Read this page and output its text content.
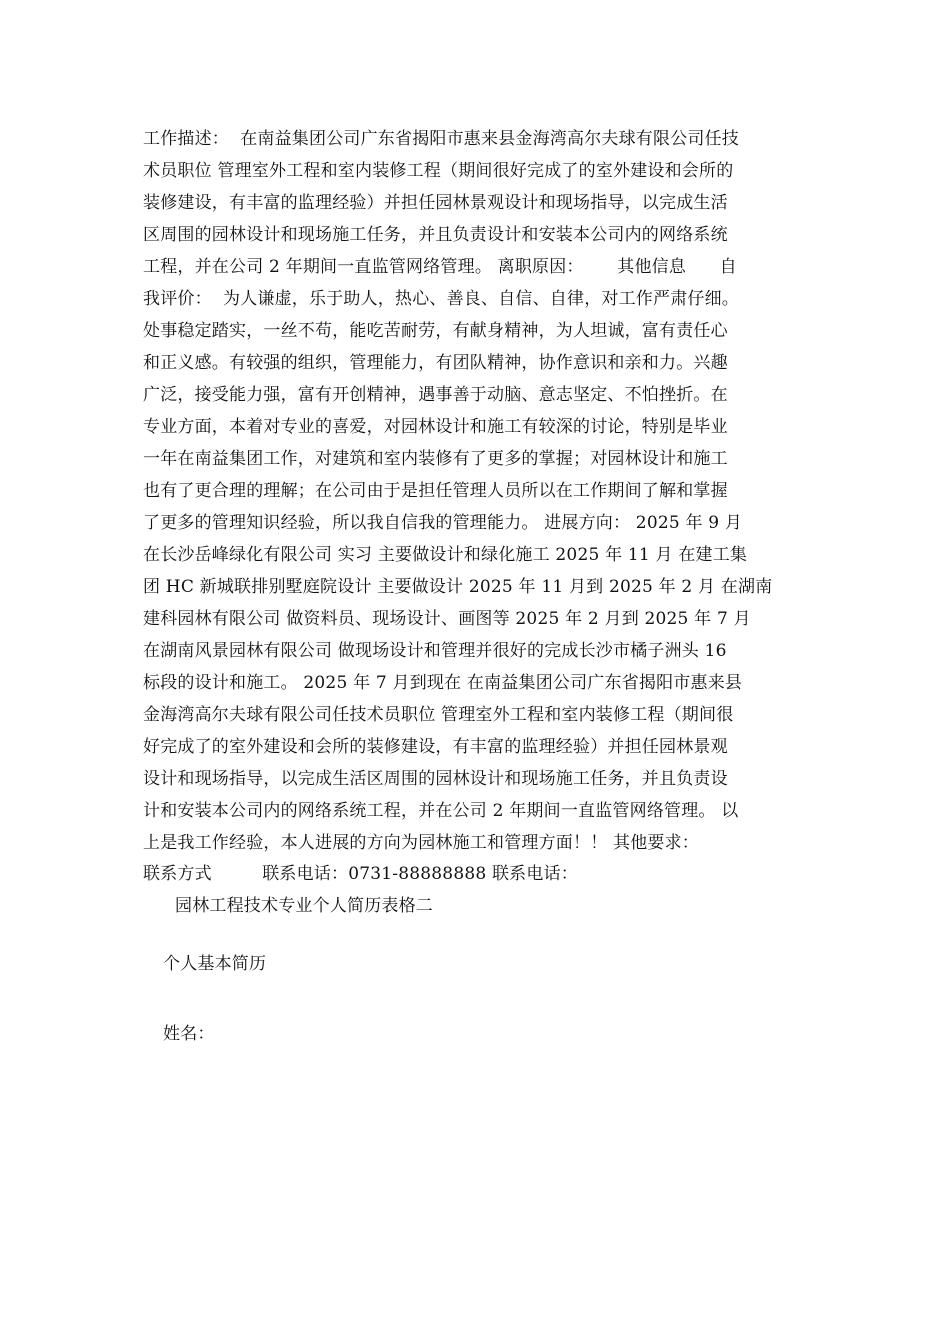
工作描述：  在南益集团公司广东省揭阳市惠来县金海湾高尔夫球有限公司任技
术员职位 管理室外工程和室内装修工程（期间很好完成了的室外建设和会所的
装修建设，有丰富的监理经验）并担任园林景观设计和现场指导，以完成生活
区周围的园林设计和现场施工任务，并且负责设计和安装本公司内的网络系统
工程，并在公司 2 年期间一直监管网络管理。 离职原因：      其他信息      自
我评价：  为人谦虚，乐于助人，热心、善良、自信、自律，对工作严肃仔细。
处事稳定踏实，一丝不苟，能吃苦耐劳，有献身精神，为人坦诚，富有责任心
和正义感。有较强的组织，管理能力，有团队精神，协作意识和亲和力。兴趣
广泛，接受能力强，富有开创精神，遇事善于动脑、意志坚定、不怕挫折。在
专业方面，本着对专业的喜爱，对园林设计和施工有较深的讨论，特别是毕业
一年在南益集团工作，对建筑和室内装修有了更多的掌握；对园林设计和施工
也有了更合理的理解；在公司由于是担任管理人员所以在工作期间了解和掌握
了更多的管理知识经验，所以我自信我的管理能力。 进展方向： 2025 年 9 月
在长沙岳峰绿化有限公司 实习 主要做设计和绿化施工 2025 年 11 月 在建工集
团 HC 新城联排别墅庭院设计 主要做设计 2025 年 11 月到 2025 年 2 月 在湖南
建科园林有限公司 做资料员、现场设计、画图等 2025 年 2 月到 2025 年 7 月
在湖南风景园林有限公司 做现场设计和管理并很好的完成长沙市橘子洲头 16
标段的设计和施工。 2025 年 7 月到现在 在南益集团公司广东省揭阳市惠来县
金海湾高尔夫球有限公司任技术员职位 管理室外工程和室内装修工程（期间很
好完成了的室外建设和会所的装修建设，有丰富的监理经验）并担任园林景观
设计和现场指导，以完成生活区周围的园林设计和现场施工任务，并且负责设
计和安装本公司内的网络系统工程，并在公司 2 年期间一直监管网络管理。 以
上是我工作经验，本人进展的方向为园林施工和管理方面！！ 其他要求：
联系方式         联系电话：0731-88888888 联系电话：
园林工程技术专业个人简历表格二
个人基本简历
姓名：
